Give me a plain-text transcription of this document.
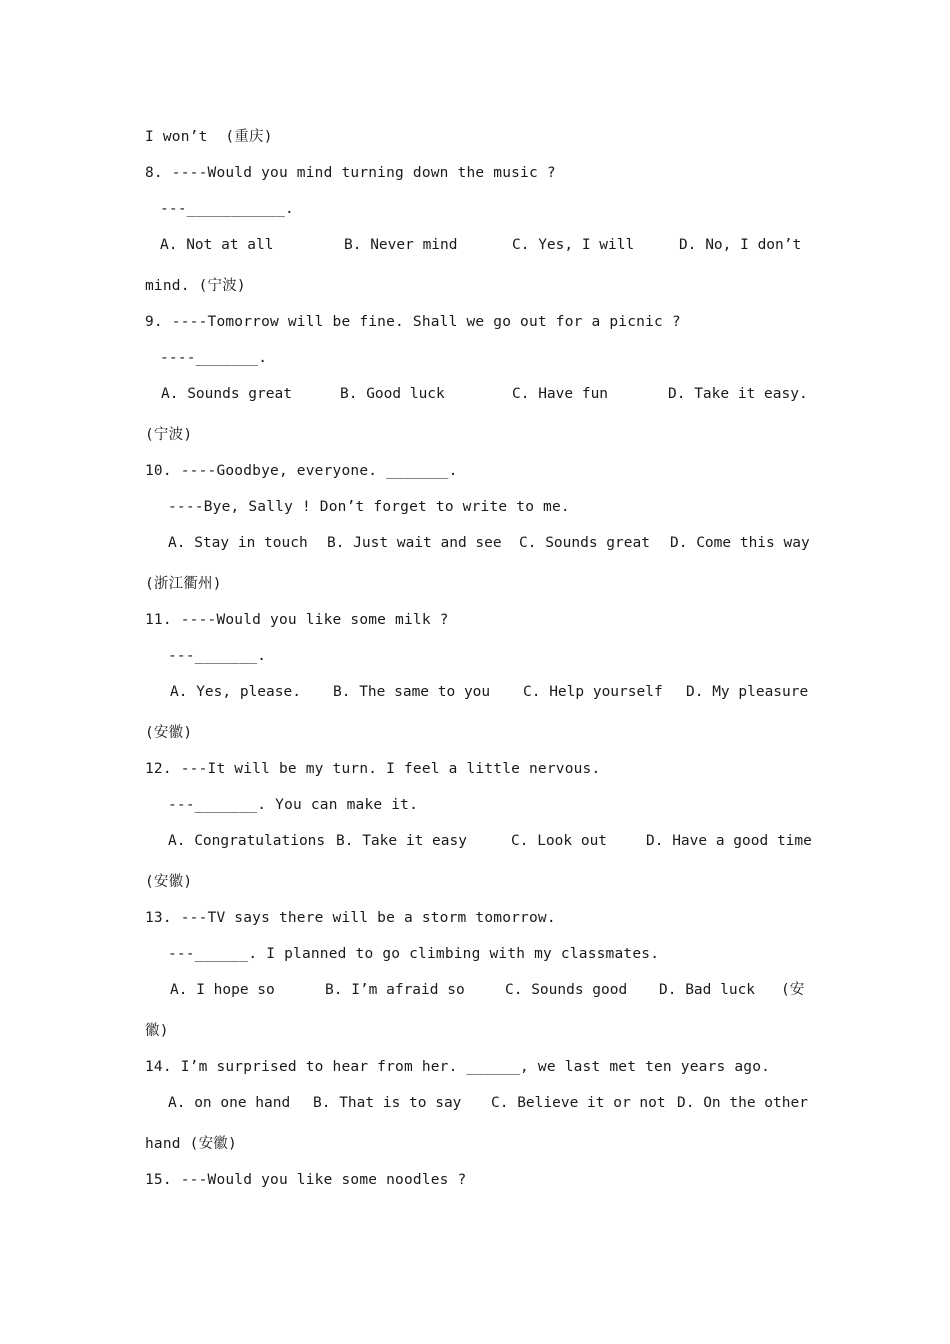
I won’t  (重庆)
8. ----Would you mind turning down the music ?
---___________.
A. Not at all	B. Never mind	C. Yes, I will	D. No, I don’t
mind. (宁波)
9. ----Tomorrow will be fine. Shall we go out for a picnic ?
----_______.
A. Sounds great	B. Good luck	C. Have fun	D. Take it easy.
(宁波)
10. ----Goodbye, everyone. _______.
----Bye, Sally ! Don’t forget to write to me.
A. Stay in touch B. Just wait and see C. Sounds great D. Come this way
(浙江衢州)
11. ----Would you like some milk ?
---_______.
A. Yes, please. B. The same to you C. Help yourself D. My pleasure
(安徽)
12. ---It will be my turn. I feel a little nervous.
---_______. You can make it.
A. Congratulations B. Take it easy	C. Look out	D. Have a good time
(安徽)
13. ---TV says there will be a storm tomorrow.
---______. I planned to go climbing with my classmates.
A. I hope so	B. I’m afraid so	C. Sounds good D. Bad luck (安
徽)
14. I’m surprised to hear from her. ______, we last met ten years ago.
A. on one hand B. That is to say C. Believe it or not D. On the other
hand (安徽)
15. ---Would you like some noodles ?
